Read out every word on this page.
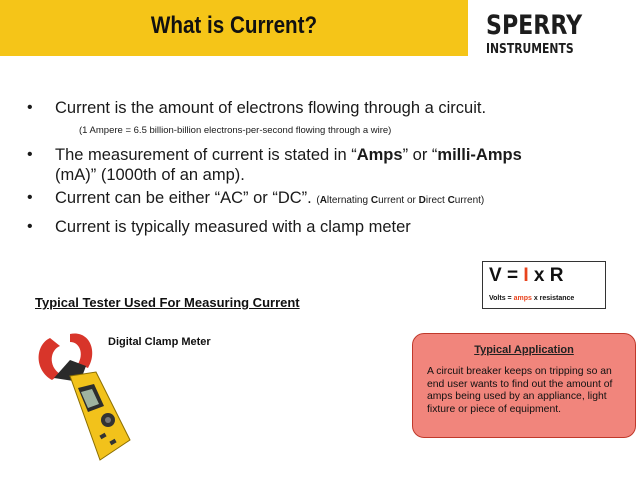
What is Current?	SPERRY
INSTRUMENTS
• Current is the amount of electrons flowing through a circuit.
(1 Ampere = 6.5 billion-billion electrons-per-second flowing through a wire)
• The measurement of current is stated in “Amps” or “milli-Amps
(mA)” (1000th of an amp).
• Current can be either “AC” or “DC”. (Alternating Current or Direct Current)
• Current is typically measured with a clamp meter
V = I x R
Volts = amps x resistance
Typical Tester Used For Measuring Current
Digital Clamp Meter
Typical Application
A circuit breaker keeps on tripping so an end user wants to find out the amount of amps being used by an appliance, light fixture or piece of equipment.
